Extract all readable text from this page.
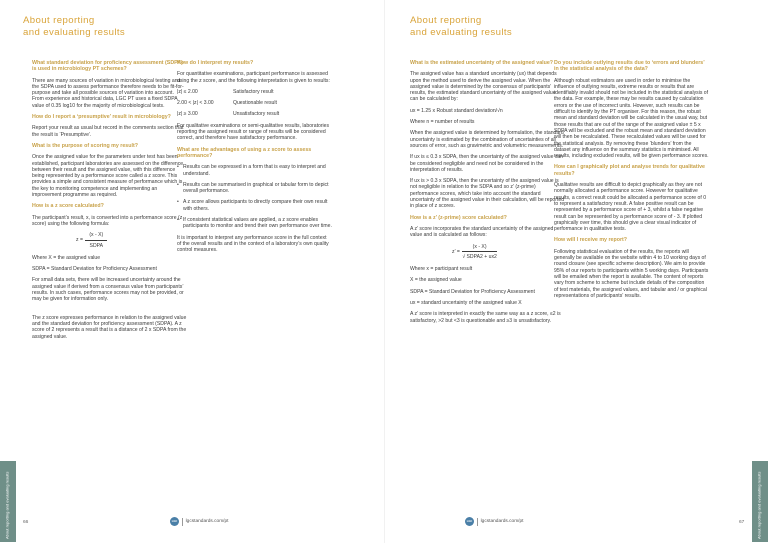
About reporting
and evaluating results
What standard deviation for proficiency assessment (SDPA) is used in microbiology PT schemes?

There are many sources of variation in microbiological testing and the SDPA used to assess performance therefore needs to be fit-for-purpose and take all possible sources of variation into account. From experience and historical data, LGC PT uses a fixed SDPA value of 0.35 log10 for the majority of microbiological tests.

How do I report a ‘presumptive’ result in microbiology?

Report your result as usual but record in the comments section that the result is ‘Presumptive’.

What is the purpose of scoring my result?

Once the assigned value for the parameters under test has been established, participant laboratories are assessed on the difference between their result and the assigned value, with this difference being represented by a performance score called a z score. This provides a simple and consistent measure of performance which is the key to monitoring competence and implementing an improvement programme as required.

How is a z score calculated?

The participant’s result, x, is converted into a performance score (z score) using the following formula:

$z = \frac{(x - X)}{\text{SDPA}}$

Where X = the assigned value

SDPA = Standard Deviation for Proficiency Assessment

For small data sets, there will be increased uncertainty around the assigned value if derived from a consensus value from participants’ results. In such cases, performance scores may not be provided, or may be given for information only.

The z score expresses performance in relation to the assigned value and the standard deviation for proficiency assessment (SDPA). A z score of 2 represents a result that is a distance of 2 x SDPA from the assigned value.

How do I interpret my results?

For quantitative examinations, participant performance is assessed using the z score, and the following interpretation is given to results:

|z| ≤ 2.00	Satisfactory result
2.00 < |z| < 3.00	Questionable result
|z| ≥ 3.00	Unsatisfactory result

For qualitative examinations or semi-qualitative results, laboratories reporting the assigned result or range of results will be considered correct, and therefore have satisfactory performance.

What are the advantages of using a z score to assess performance?
• Results can be expressed in a form that is easy to interpret and understand.
• Results can be summarised in graphical or tabular form to depict overall performance.
• A z score allows participants to directly compare their own result with others.
• If consistent statistical values are applied, a z score enables participants to monitor and trend their own performance over time.

It is important to interpret any performance score in the full context of the overall results and in the context of a laboratory’s own quality control measures.

About reporting and evaluating results	66	LGC	lgcstandards.com/pt
About reporting
and evaluating results
What is the estimated uncertainty of the assigned value?

The assigned value has a standard uncertainty (ux) that depends upon the method used to derive the assigned value. When the assigned value is determined by the consensus of participants’ results, the estimated standard uncertainty of the assigned value can be calculated by:

ux = 1.25 x Robust standard deviation/√n

Where n = number of results

When the assigned value is determined by formulation, the standard uncertainty is estimated by the combination of uncertainties of all sources of error, such as gravimetric and volumetric measurements.

If ux is ≤ 0.3 x SDPA, then the uncertainty of the assigned value can be considered negligible and need not be considered in the interpretation of results.

If ux is > 0.3 x SDPA, then the uncertainty of the assigned value is not negligible in relation to the SDPA and so z’ (z-prime) performance scores, which take into account the standard uncertainty of the assigned value in their calculation, will be reported in place of z scores.

How is a z’ (z-prime) score calculated?

A z’ score incorporates the standard uncertainty of the assigned value and is calculated as follows:

z’ = $\frac{(x - X)}{\text{√ SDPA2 + ux2}}$

Where x = participant result

X = the assigned value

SDPA = Standard Deviation for Proficiency Assessment

ux = standard uncertainty of the assigned value X

A z’ score is interpreted in exactly the same way as a z score, ≤2 is satisfactory, >2 but <3 is questionable and ≥3 is unsatisfactory.

Do you include outlying results due to ‘errors and blunders’ in the statistical analysis of the data?

Although robust estimators are used in order to minimise the influence of outlying results, extreme results or results that are identifiably invalid should not be included in the statistical analysis of the data. For example, these may be results caused by calculation errors or the use of incorrect units. However, such results can be difficult to identify by the PT organiser. For this reason, the robust mean and standard deviation will be calculated in the usual way, but those results that are out of the range of the assigned value ± 5 x SDPA will be excluded and the robust mean and standard deviation will then be recalculated. These recalculated values will be used for the statistical analysis. By removing these ‘blunders’ from the dataset any influence on the summary statistics is minimised. All results, including excluded results, will be given performance scores.

How can I graphically plot and analyse trends for qualitative results?

Qualitative results are difficult to depict graphically as they are not normally allocated a performance score. However for qualitative results, a correct result could be allocated a performance score of 0 to represent a satisfactory result. A false positive result can be represented by a performance score of + 3, whilst a false negative result can be represented by a performance score of - 3. If plotted graphically over time, this should give a clear visual indicator of performance in qualitative tests.

How will I receive my report?

Following statistical evaluation of the results, the reports will generally be available on the website within 4 to 10 working days of round closure (see specific scheme description). We aim to provide 95% of our reports to participants within 5 working days. Participants will be emailed when the report is available. The content of reports vary from scheme to scheme but include details of the composition of test materials, the assigned values, and tabular and / or graphical representations of participants’ results.

67
LGC	lgcstandards.com/pt	About reporting and evaluating results
